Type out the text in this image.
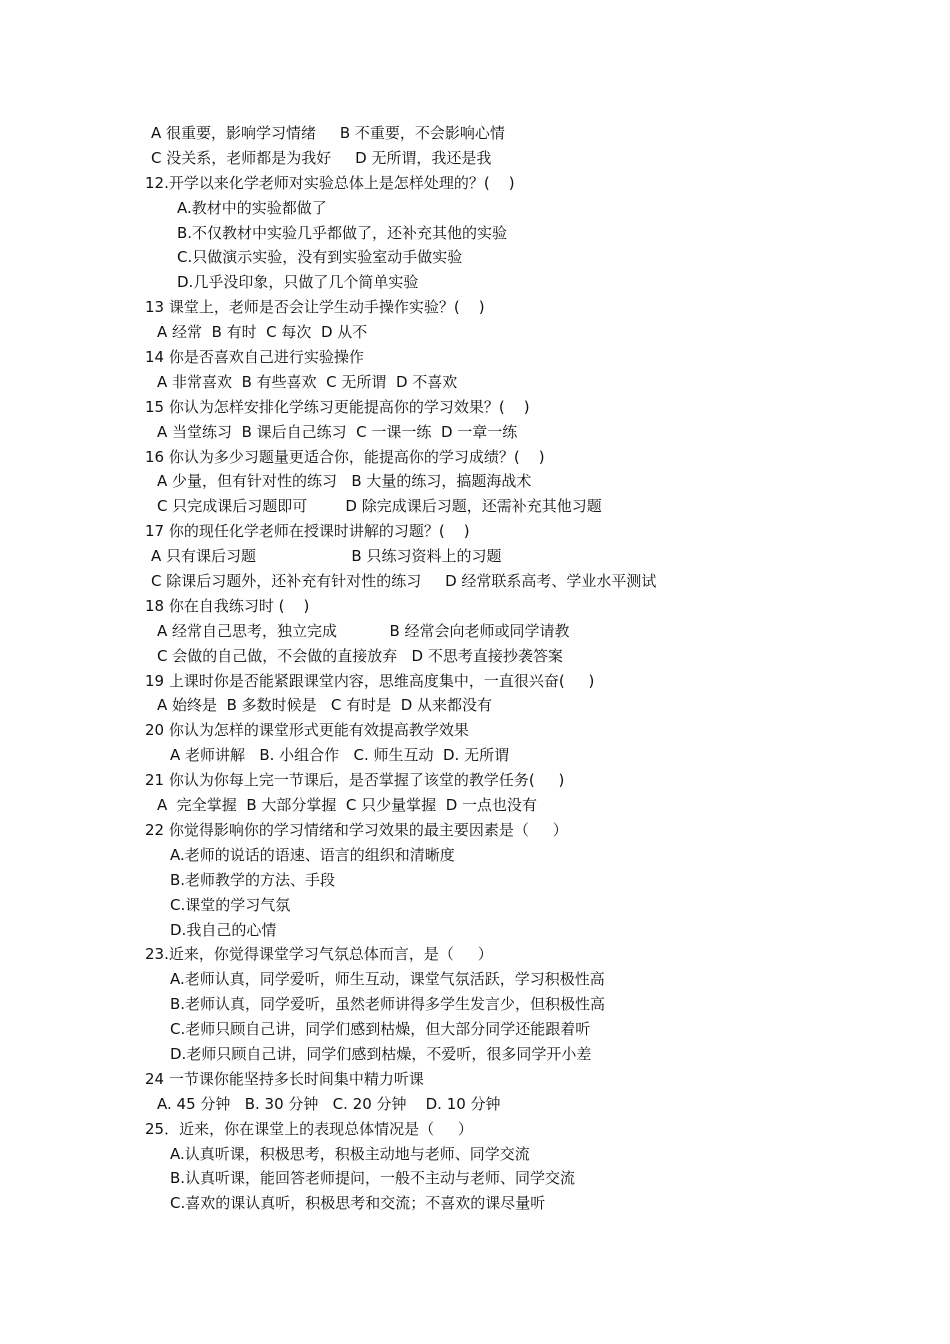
A 很重要，影响学习情绪     B 不重要，不会影响心情

C 没关系，老师都是为我好     D 无所谓，我还是我

12.开学以来化学老师对实验总体上是怎样处理的？(    )

A.教材中的实验都做了

B.不仅教材中实验几乎都做了，还补充其他的实验

C.只做演示实验，没有到实验室动手做实验

D.几乎没印象，只做了几个简单实验

13 课堂上，老师是否会让学生动手操作实验？(    )

A 经常  B 有时  C 每次  D 从不

14 你是否喜欢自己进行实验操作

A 非常喜欢  B 有些喜欢  C 无所谓  D 不喜欢

15 你认为怎样安排化学练习更能提高你的学习效果？(    )

A 当堂练习  B 课后自己练习  C 一课一练  D 一章一练

16 你认为多少习题量更适合你，能提高你的学习成绩？(    )

A 少量，但有针对性的练习   B 大量的练习，搞题海战术

C 只完成课后习题即可        D 除完成课后习题，还需补充其他习题

17 你的现任化学老师在授课时讲解的习题？(    )

A 只有课后习题                    B 只练习资料上的习题

C 除课后习题外，还补充有针对性的练习     D 经常联系高考、学业水平测试

18 你在自我练习时 (    )

A 经常自己思考，独立完成           B 经常会向老师或同学请教

C 会做的自己做，不会做的直接放弃   D 不思考直接抄袭答案

19 上课时你是否能紧跟课堂内容，思维高度集中，一直很兴奋(     )

A 始终是  B 多数时候是   C 有时是  D 从来都没有

20 你认为怎样的课堂形式更能有效提高教学效果

A 老师讲解   B. 小组合作   C. 师生互动  D. 无所谓

21 你认为你每上完一节课后，是否掌握了该堂的教学任务(     )

A  完全掌握  B 大部分掌握  C 只少量掌握  D 一点也没有

22 你觉得影响你的学习情绪和学习效果的最主要因素是（     ）

A.老师的说话的语速、语言的组织和清晰度

B.老师教学的方法、手段

C.课堂的学习气氛

D.我自己的心情

23.近来，你觉得课堂学习气氛总体而言，是（     ）

A.老师认真，同学爱听，师生互动，课堂气氛活跃，学习积极性高

B.老师认真，同学爱听，虽然老师讲得多学生发言少，但积极性高

C.老师只顾自己讲，同学们感到枯燥，但大部分同学还能跟着听

D.老师只顾自己讲，同学们感到枯燥，不爱听，很多同学开小差

24 一节课你能坚持多长时间集中精力听课

A. 45 分钟   B. 30 分钟   C. 20 分钟    D. 10 分钟

25．近来，你在课堂上的表现总体情况是（     ）

A.认真听课，积极思考，积极主动地与老师、同学交流

B.认真听课，能回答老师提问，一般不主动与老师、同学交流

C.喜欢的课认真听，积极思考和交流；不喜欢的课尽量听
